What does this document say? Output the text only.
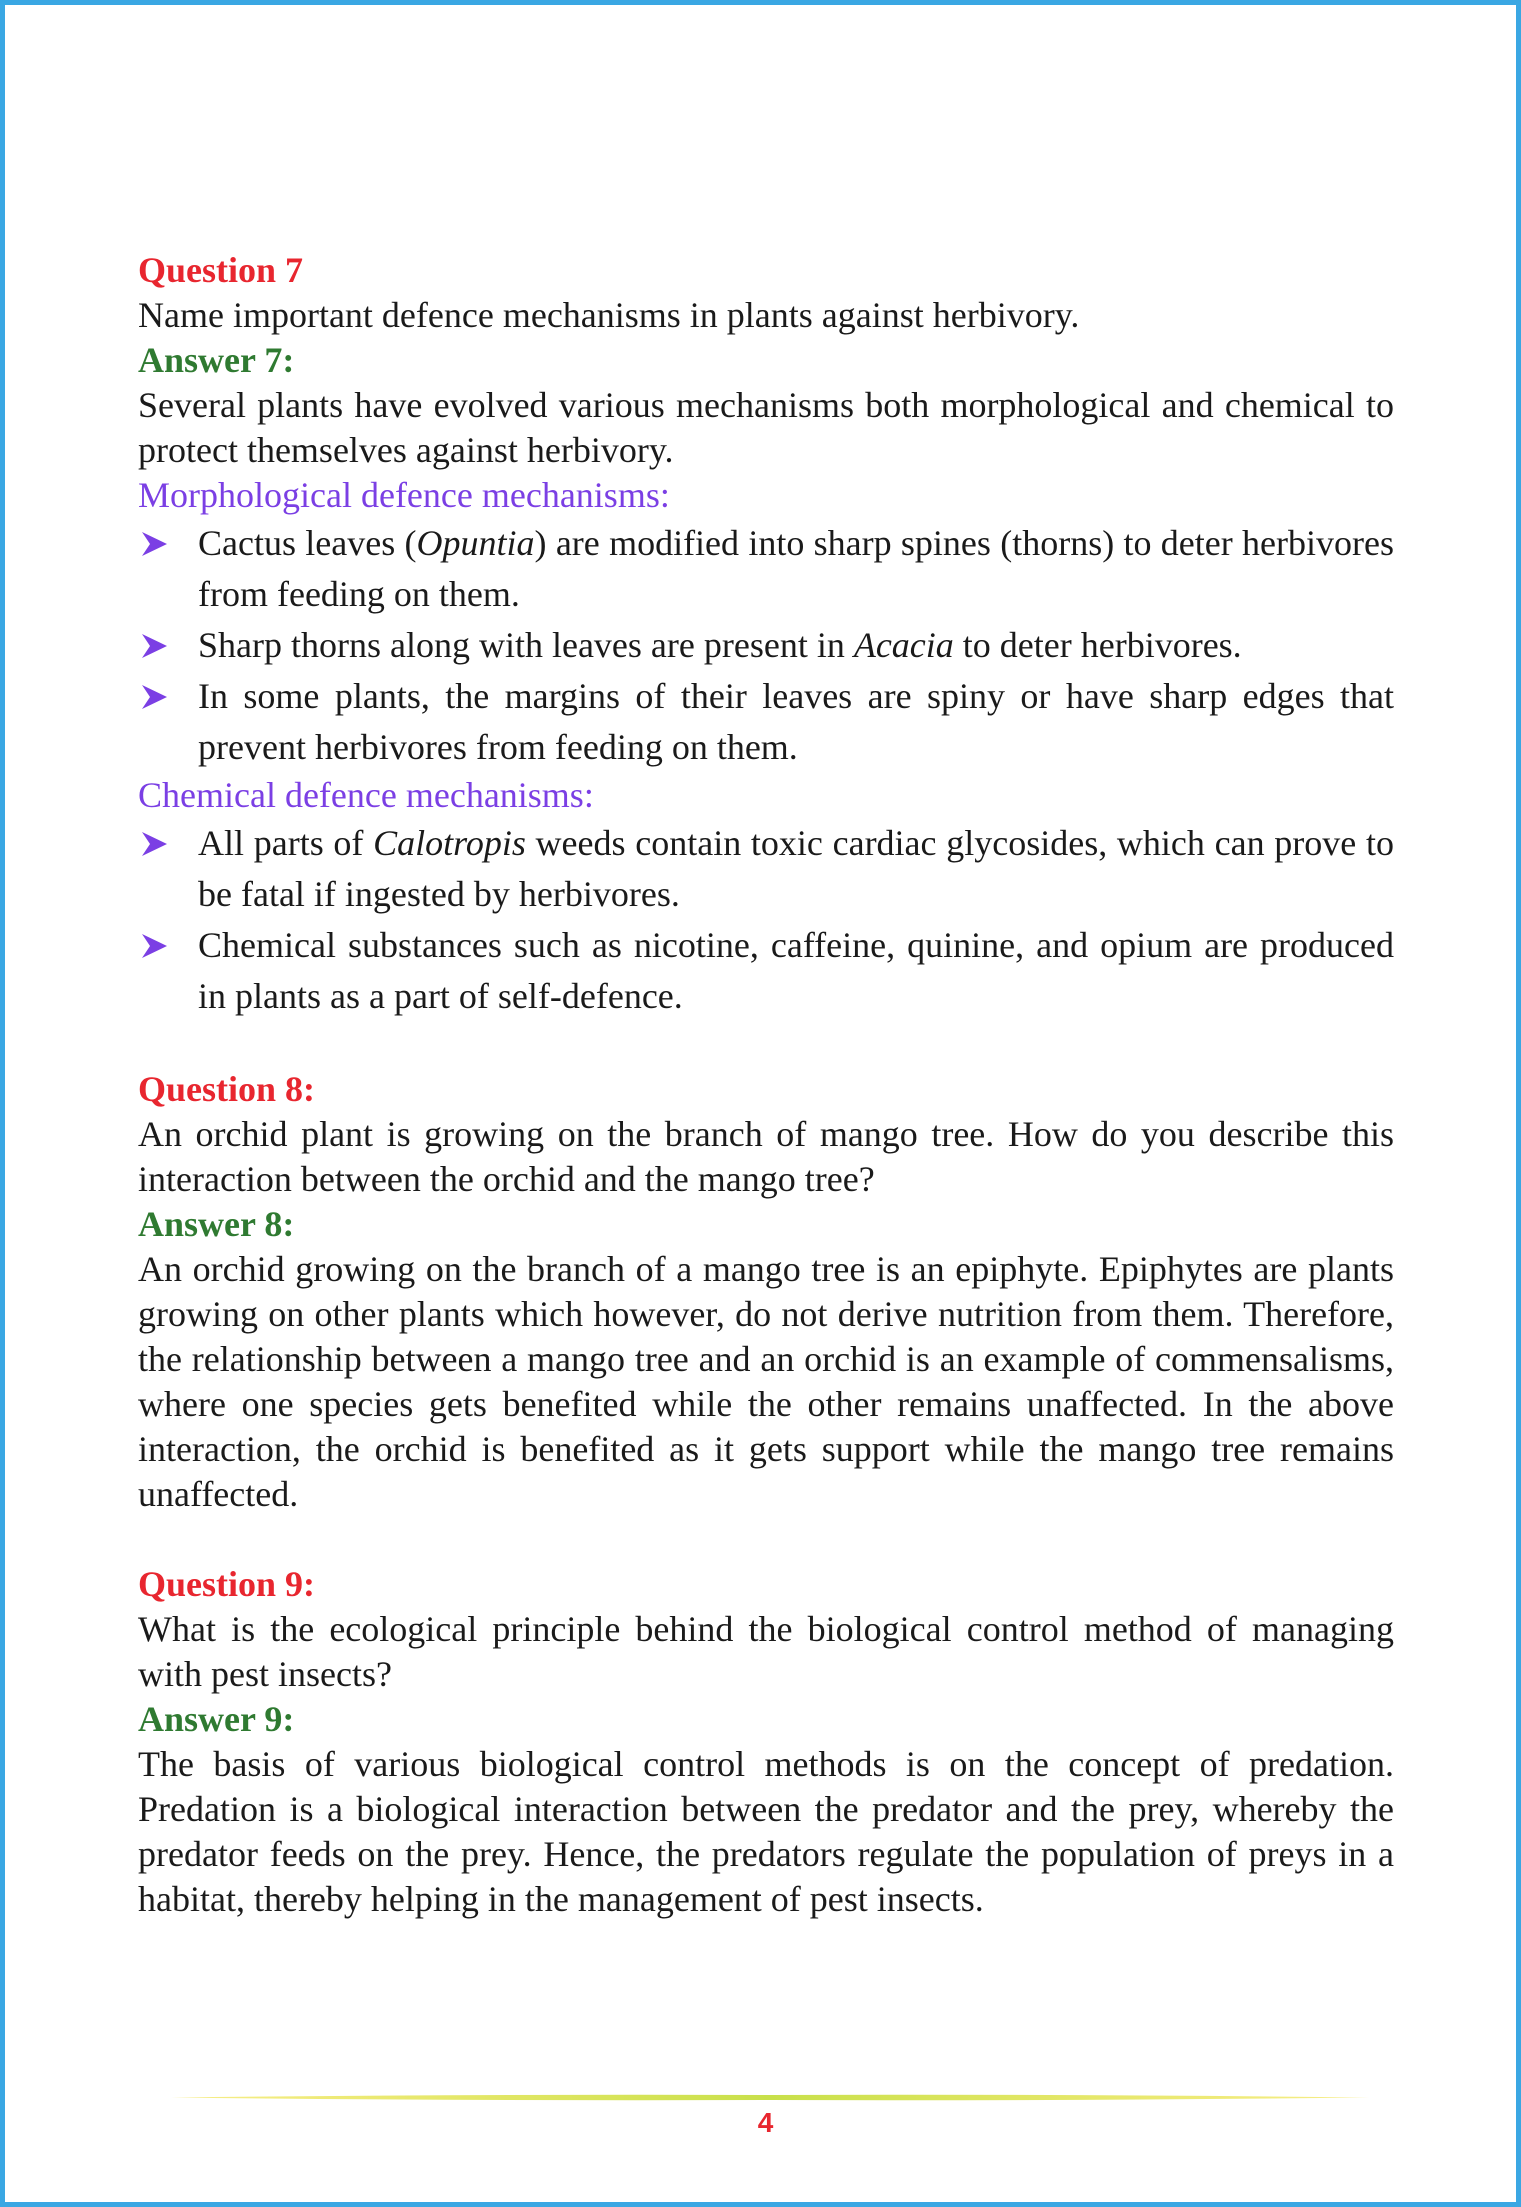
Question 7
Name important defence mechanisms in plants against herbivory.
Answer 7:
Several plants have evolved various mechanisms both morphological and chemical to protect themselves against herbivory.
Morphological defence mechanisms:
Cactus leaves (Opuntia) are modified into sharp spines (thorns) to deter herbivores from feeding on them.
Sharp thorns along with leaves are present in Acacia to deter herbivores.
In some plants, the margins of their leaves are spiny or have sharp edges that prevent herbivores from feeding on them.
Chemical defence mechanisms:
All parts of Calotropis weeds contain toxic cardiac glycosides, which can prove to be fatal if ingested by herbivores.
Chemical substances such as nicotine, caffeine, quinine, and opium are produced in plants as a part of self-defence.
Question 8:
An orchid plant is growing on the branch of mango tree. How do you describe this interaction between the orchid and the mango tree?
Answer 8:
An orchid growing on the branch of a mango tree is an epiphyte. Epiphytes are plants growing on other plants which however, do not derive nutrition from them. Therefore, the relationship between a mango tree and an orchid is an example of commensalisms, where one species gets benefited while the other remains unaffected. In the above interaction, the orchid is benefited as it gets support while the mango tree remains unaffected.
Question 9:
What is the ecological principle behind the biological control method of managing with pest insects?
Answer 9:
The basis of various biological control methods is on the concept of predation. Predation is a biological interaction between the predator and the prey, whereby the predator feeds on the prey. Hence, the predators regulate the population of preys in a habitat, thereby helping in the management of pest insects.
4
